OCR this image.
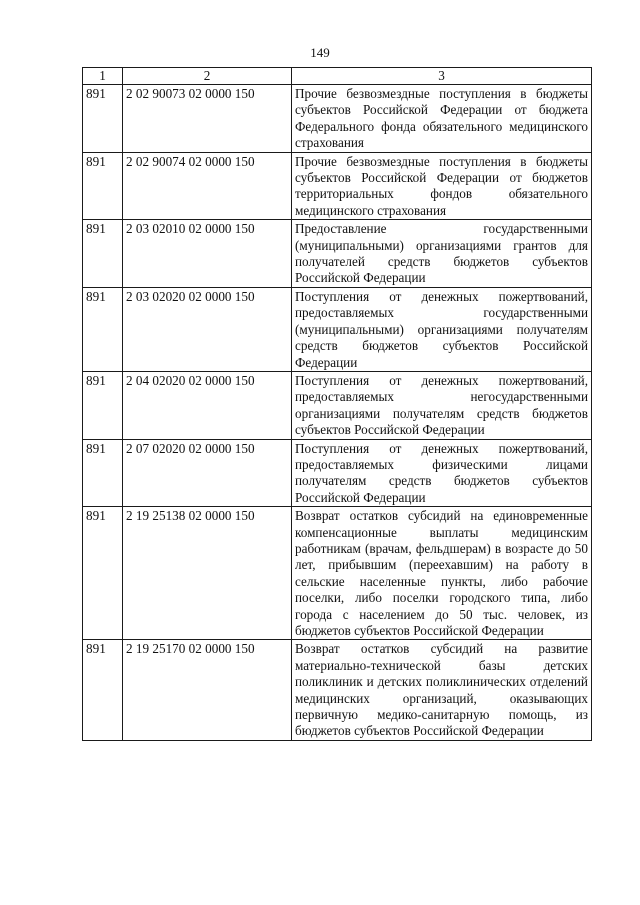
149
1	2	3
891	2 02 90073 02 0000 150	Прочие безвозмездные поступления в бюджеты субъектов Российской Федерации от бюджета Федерального фонда обязательного медицинского страхования
891	2 02 90074 02 0000 150	Прочие безвозмездные поступления в бюджеты субъектов Российской Федерации от бюджетов территориальных фондов обязательного медицинского страхования
891	2 03 02010 02 0000 150	Предоставление государственными (муниципальными) организациями грантов для получателей средств бюджетов субъектов Российской Федерации
891	2 03 02020 02 0000 150	Поступления от денежных пожертвований, предоставляемых государственными (муниципальными) организациями получателям средств бюджетов субъектов Российской Федерации
891	2 04 02020 02 0000 150	Поступления от денежных пожертвований, предоставляемых негосударственными организациями получателям средств бюджетов субъектов Российской Федерации
891	2 07 02020 02 0000 150	Поступления от денежных пожертвований, предоставляемых физическими лицами получателям средств бюджетов субъектов Российской Федерации
891	2 19 25138 02 0000 150	Возврат остатков субсидий на единовременные компенсационные выплаты медицинским работникам (врачам, фельдшерам) в возрасте до 50 лет, прибывшим (переехавшим) на работу в сельские населенные пункты, либо рабочие поселки, либо поселки городского типа, либо города с населением до 50 тыс. человек, из бюджетов субъектов Российской Федерации
891	2 19 25170 02 0000 150	Возврат остатков субсидий на развитие материально-технической базы детских поликлиник и детских поликлинических отделений медицинских организаций, оказывающих первичную медико-санитарную помощь, из бюджетов субъектов Российской Федерации
